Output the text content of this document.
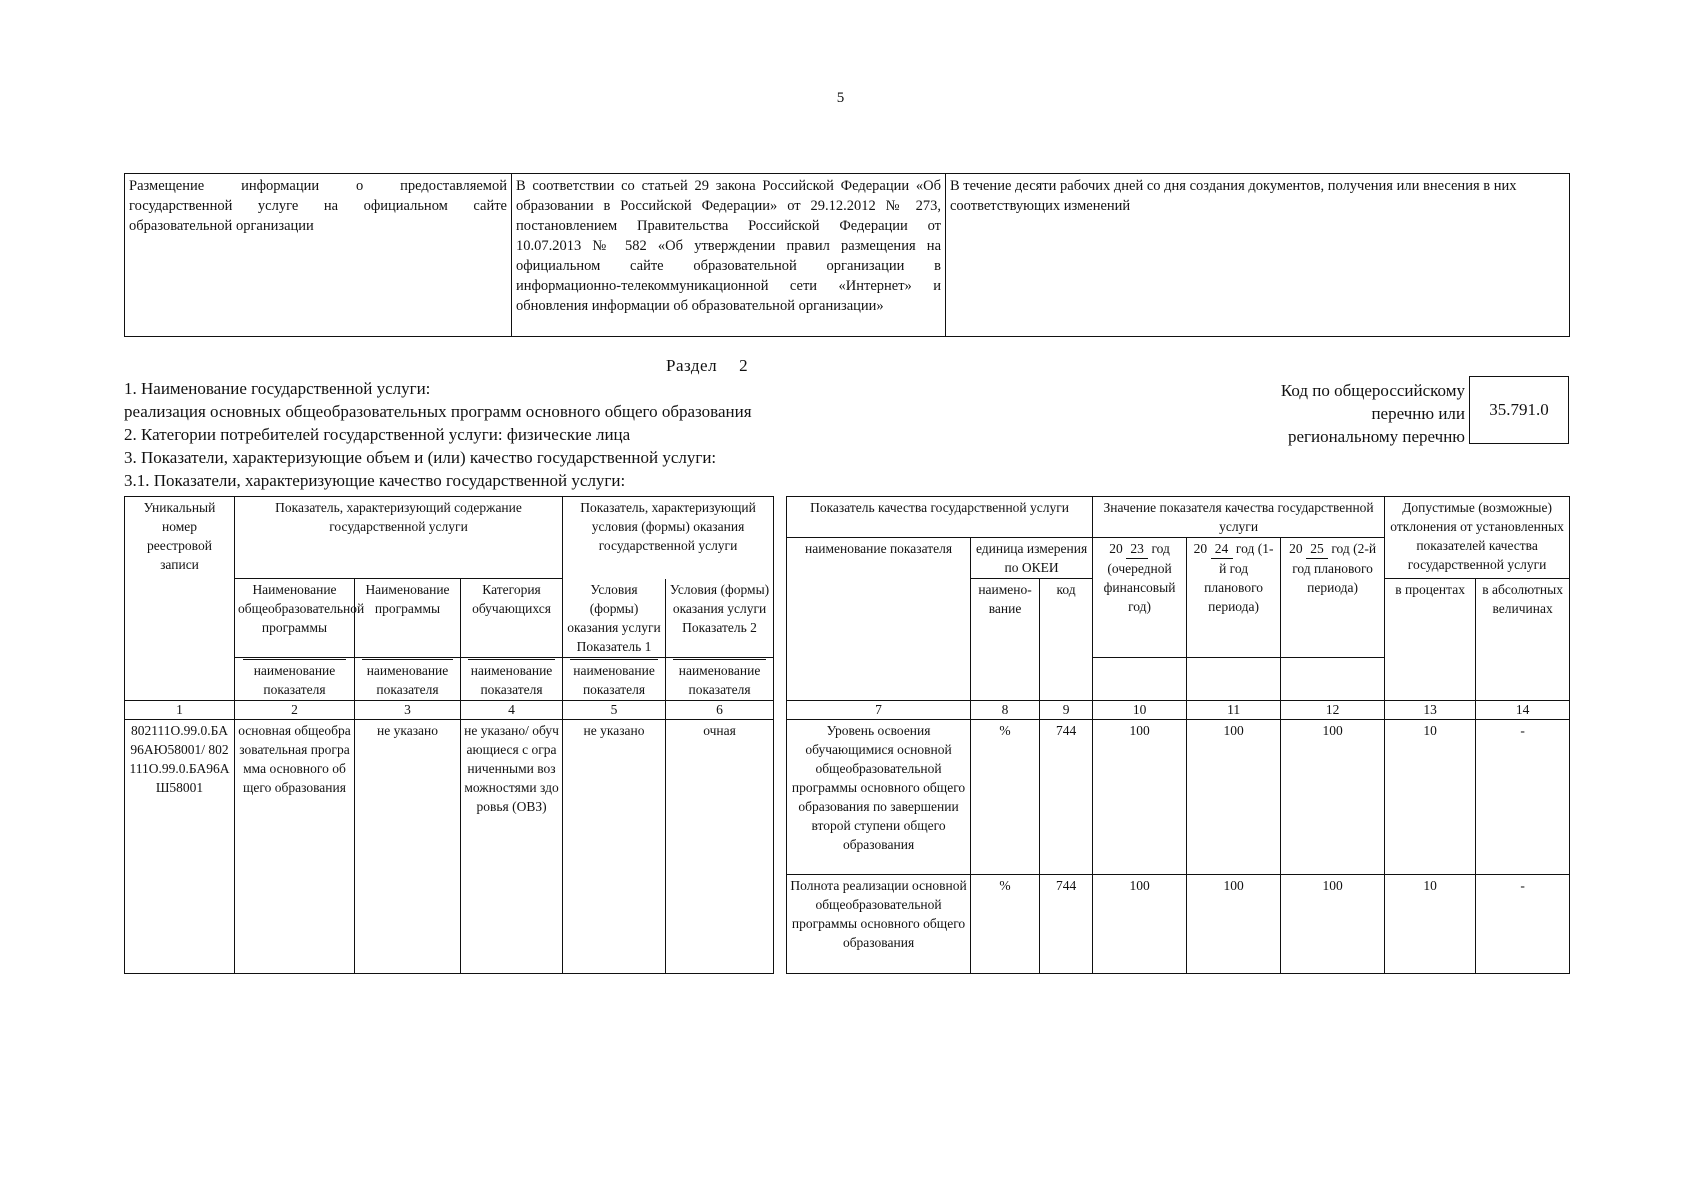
5
Размещение информации о предоставляемой государственной услуге на официальном сайте образовательной организации	В соответствии со статьей 29 закона Российской Федерации «Об образовании в Российской Федерации» от 29.12.2012 № 273, постановлением Правительства Российской Федерации от 10.07.2013 № 582 «Об утверждении правил размещения на официальном сайте образовательной организации в информационно-телекоммуникационной сети «Интернет» и обновления информации об образовательной организации»	В течение десяти рабочих дней со дня создания документов, получения или внесения в них соответствующих изменений
Раздел 2
1. Наименование государственной услуги:
реализация основных общеобразовательных программ основного общего образования
2. Категории потребителей государственной услуги: физические лица
3. Показатели, характеризующие объем и (или) качество государственной услуги:
3.1. Показатели, характеризующие качество государственной услуги:
Код по общероссийскому
перечню или
региональному перечню
35.791.0
Уникальный номер реестровой записи	Показатель, характеризующий содержание государственной услуги			Показатель, характеризующий условия (формы) оказания государственной услуги			Показатель качества государственной услуги			Значение показателя качества государственной услуги			Допустимые (возможные) отклонения от установленных показателей качества государственной услуги	
							наименование показателя	единица измерения по ОКЕИ		20 23 год (очередной финансовый год)	20 24 год (1-й год планового периода)	20 25 год (2-й год планового периода)		
	Наименование общеобразовательной программы	Наименование программы	Категория обучающихся	Условия (формы) оказания услуги Показатель 1	Условия (формы) оказания услуги Показатель 2			наимено-вание	код				в процентах	в абсолютных величинах
	наименование показателя	наименование показателя	наименование показателя	наименование показателя	наименование показателя									
1	2	3	4	5	6		7	8	9	10	11	12	13	14
802111О.99.0.БА96АЮ58001/ 802111О.99.0.БА96АШ58001	основная общеобразовательная программа основного общего образования	не указано	не указано/ обучающиеся с ограниченными возможностями здоровья (ОВЗ)	не указано	очная		Уровень освоения обучающимися основной общеобразовательной программы основного общего образования по завершении второй ступени общего образования	%	744	100	100	100	10	-
							Полнота реализации основной общеобразовательной программы основного общего образования	%	744	100	100	100	10	-
